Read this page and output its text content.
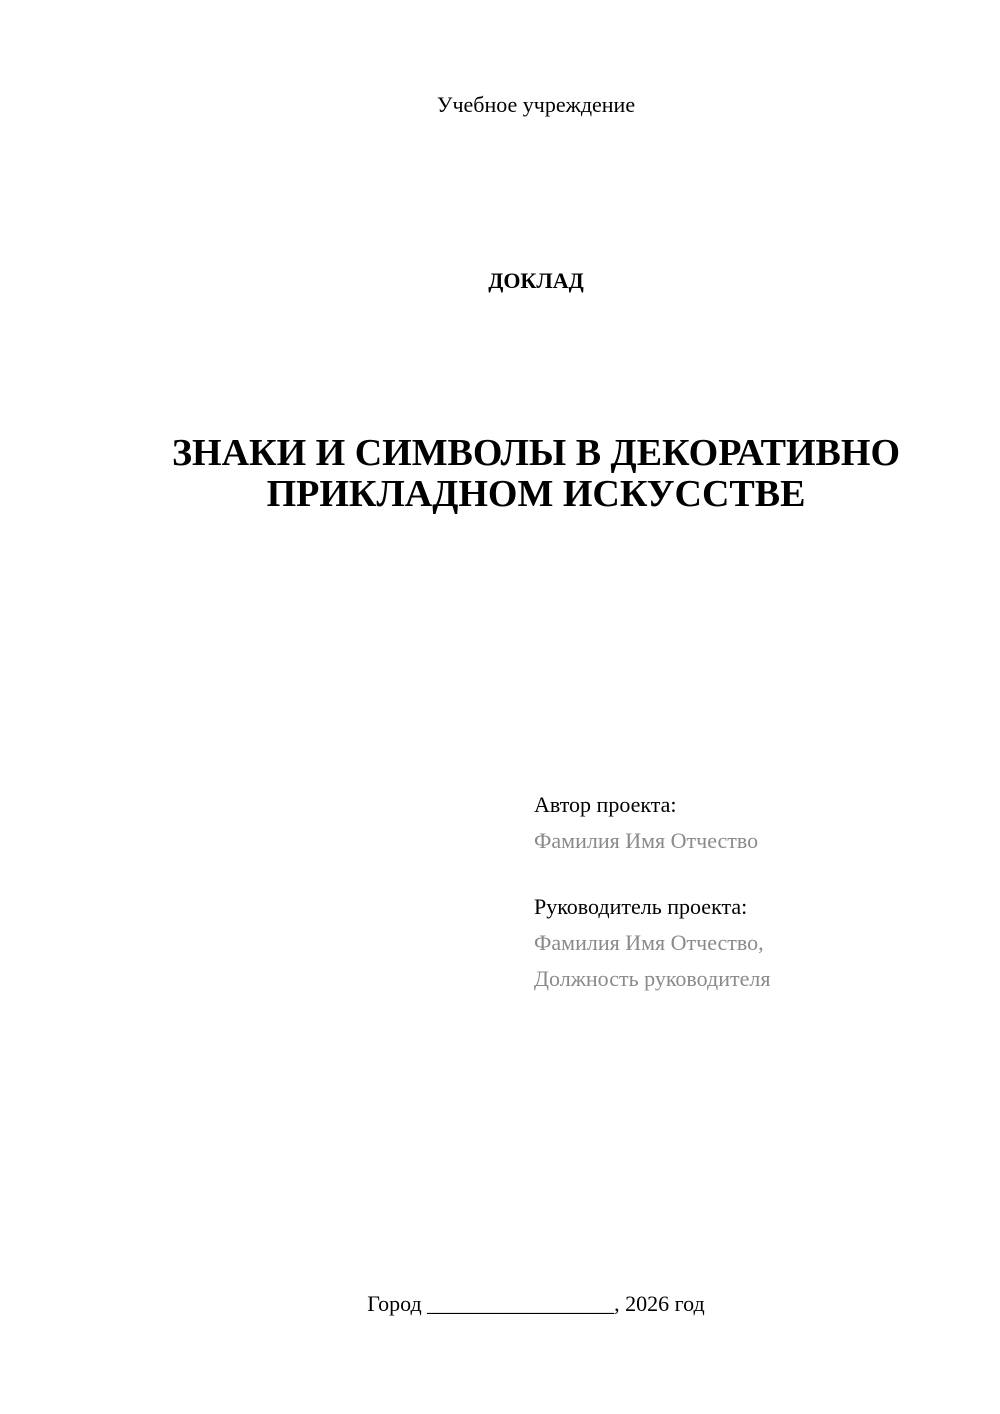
Учебное учреждение
ДОКЛАД
ЗНАКИ И СИМВОЛЫ В ДЕКОРАТИВНО
ПРИКЛАДНОМ ИСКУССТВЕ
Автор проекта:
Фамилия Имя Отчество
Руководитель проекта:
Фамилия Имя Отчество,
Должность руководителя
Город _________________, 2026 год
